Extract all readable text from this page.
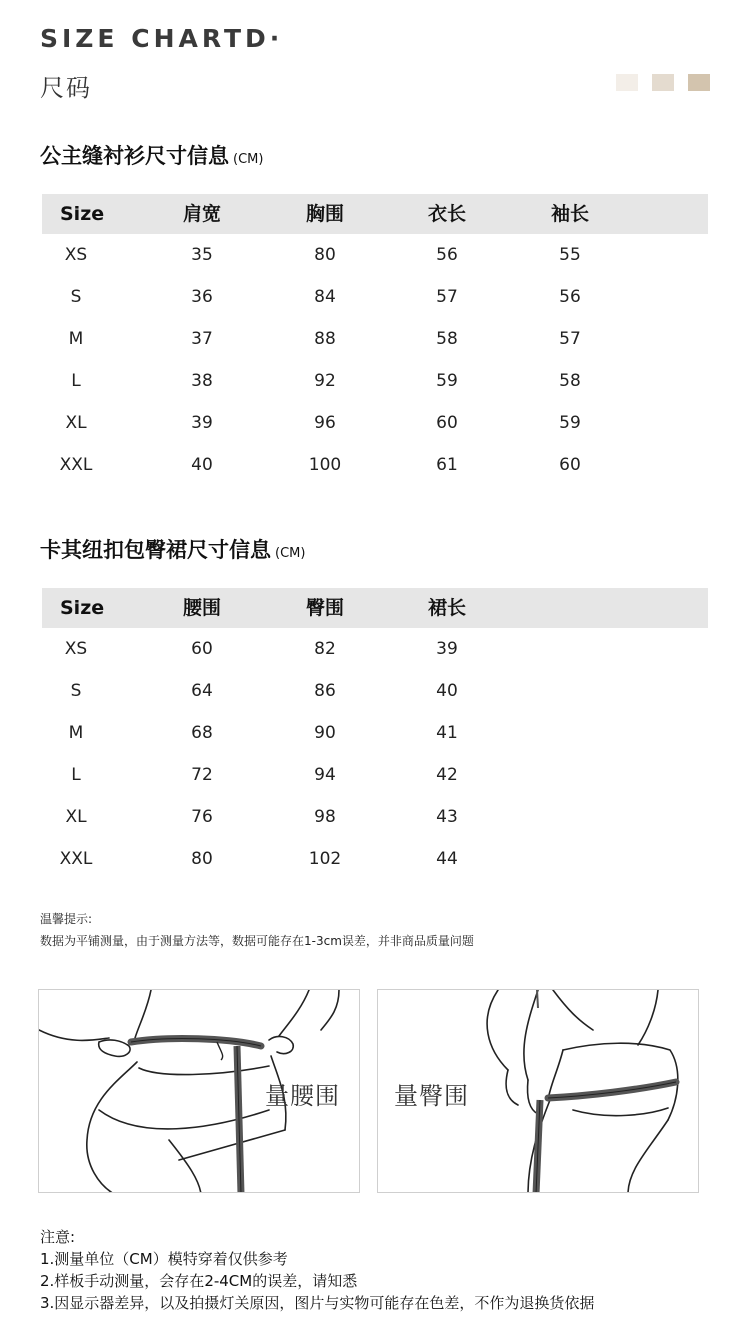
SIZE CHARTD·
尺码
公主缝衬衫尺寸信息 (CM)
Size	肩宽	胸围	衣长	袖长
XS	35	80	56	55
S	36	84	57	56
M	37	88	58	57
L	38	92	59	58
XL	39	96	60	59
XXL	40	100	61	60
卡其纽扣包臀裙尺寸信息 (CM)
Size	腰围	臀围	裙长
XS	60	82	39
S	64	86	40
M	68	90	41
L	72	94	42
XL	76	98	43
XXL	80	102	44
温馨提示:
数据为平铺测量，由于测量方法等，数据可能存在1-3cm误差，并非商品质量问题
量腰围 量臀围
注意:
1.测量单位（CM）模特穿着仅供参考
2.样板手动测量，会存在2-4CM的误差，请知悉
3.因显示器差异，以及拍摄灯关原因，图片与实物可能存在色差，不作为退换货依据
